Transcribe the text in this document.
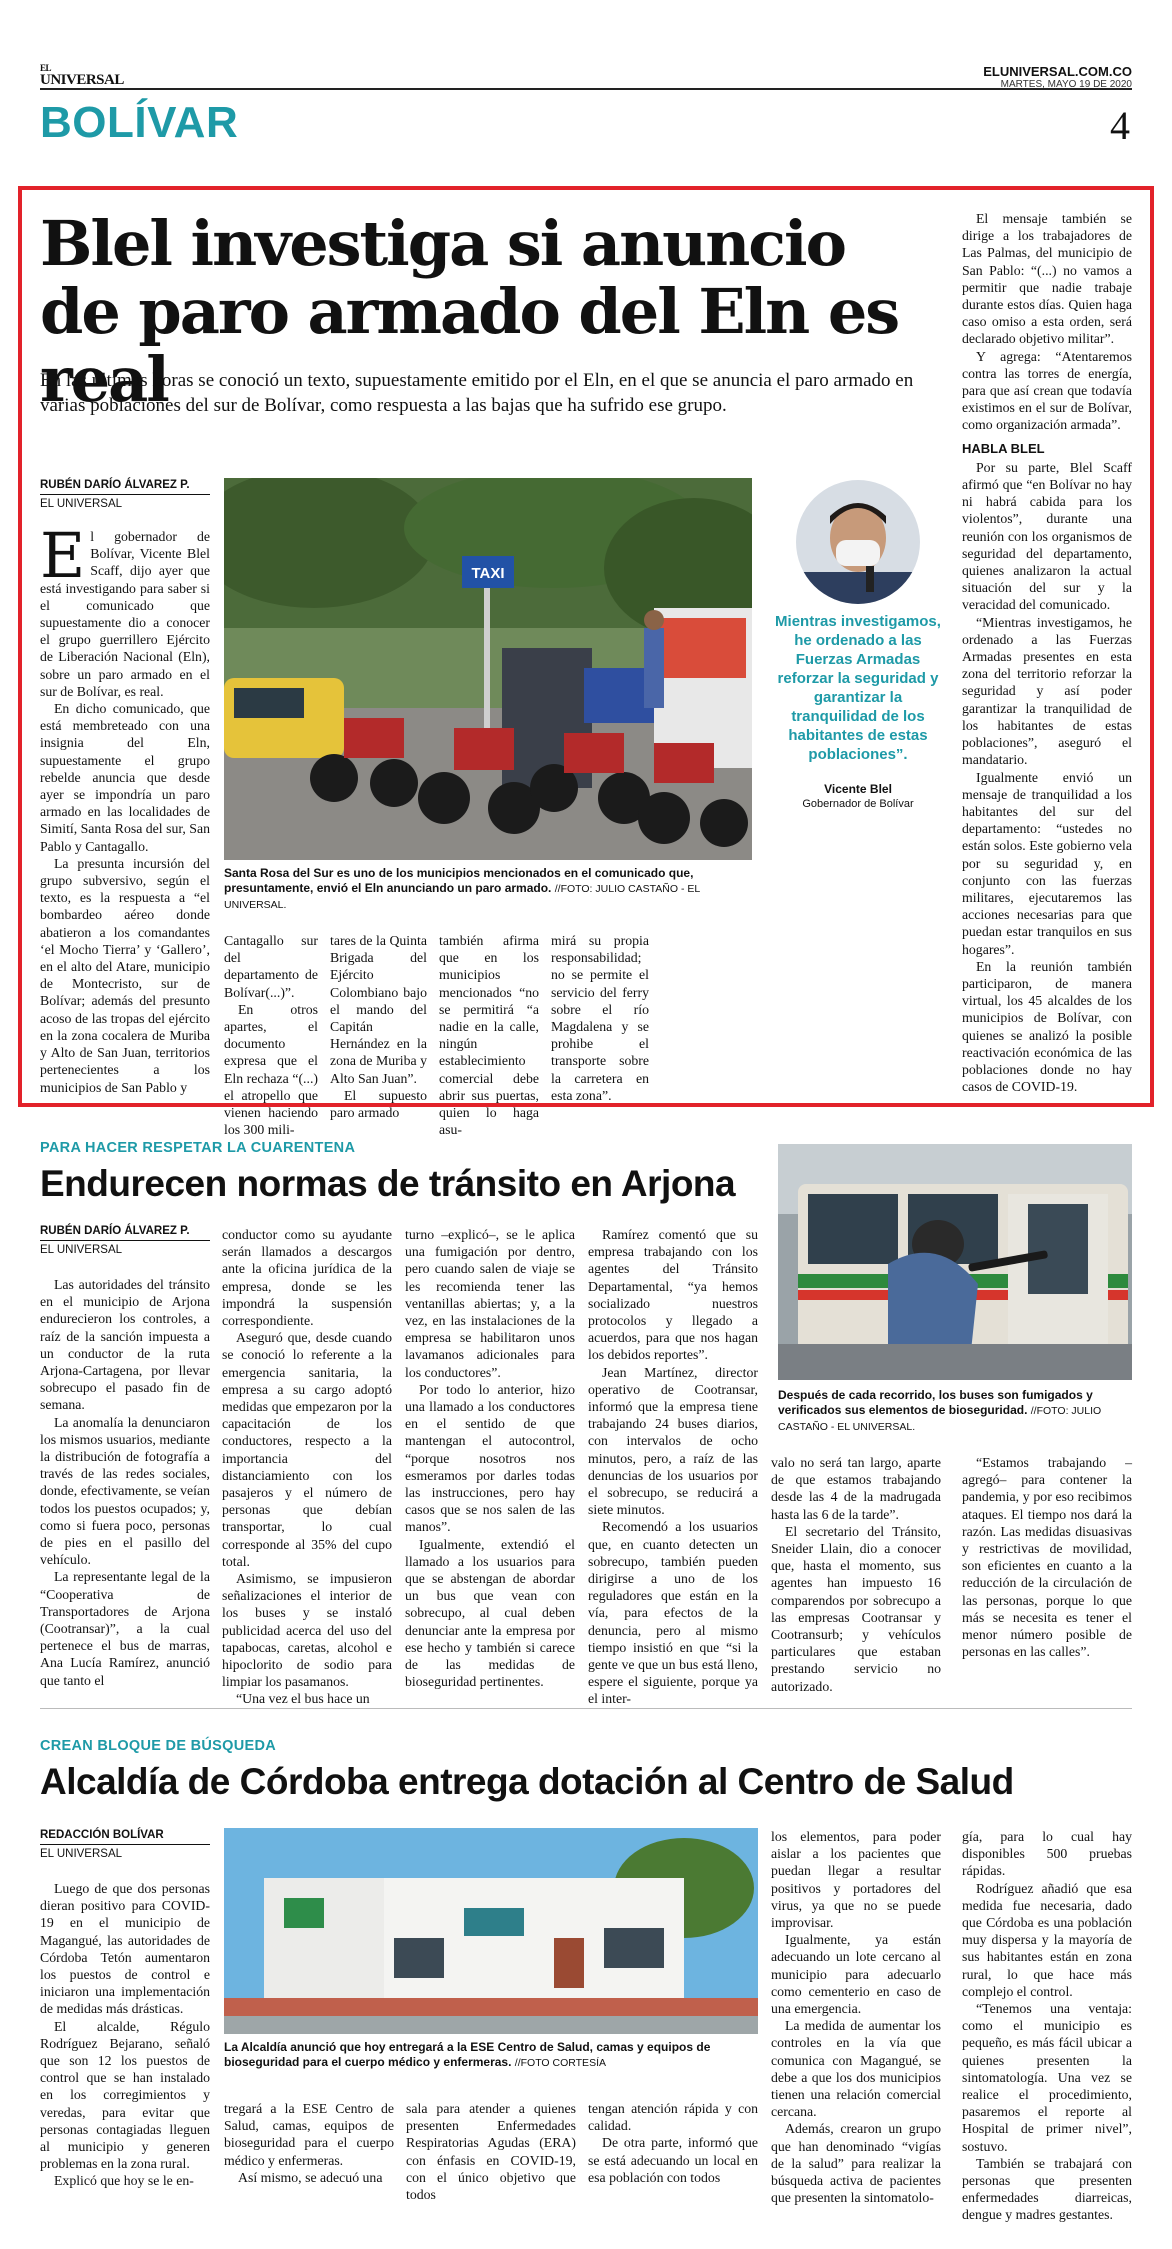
EL
UNIVERSAL
ELUNIVERSAL.COM.CO
MARTES, MAYO 19 DE 2020
BOLÍVAR	4
Blel investiga si anuncio de paro armado del Eln es real
En las últimas horas se conoció un texto, supuestamente emitido por el Eln, en el que se anuncia el paro armado en varias poblaciones del sur de Bolívar, como respuesta a las bajas que ha sufrido ese grupo.
RUBÉN DARÍO ÁLVAREZ P.
EL UNIVERSAL

El gobernador de Bolívar, Vicente Blel Scaff, dijo ayer que está investigando para saber si el comunicado que supuestamente dio a conocer el grupo guerrillero Ejército de Liberación Nacional (Eln), sobre un paro armado en el sur de Bolívar, es real.

En dicho comunicado, que está membreteado con una insignia del Eln, supuestamente el grupo rebelde anuncia que desde ayer se impondría un paro armado en las localidades de Simití, Santa Rosa del sur, San Pablo y Cantagallo.

La presunta incursión del grupo subversivo, según el texto, es la respuesta a “el bombardeo aéreo donde abatieron a los comandantes ‘el Mocho Tierra’ y ‘Gallero’, en el alto del Atare, municipio de Montecristo, sur de Bolívar; además del presunto acoso de las tropas del ejército en la zona cocalera de Muriba y Alto de San Juan, territorios pertenecientes a los municipios de San Pablo y

TAXI
Santa Rosa del Sur es uno de los municipios mencionados en el comunicado que, presuntamente, envió el Eln anunciando un paro armado. //FOTO: JULIO CASTAÑO - EL UNIVERSAL.
Mientras investigamos, he ordenado a las Fuerzas Armadas reforzar la seguridad y garantizar la tranquilidad de los habitantes de estas poblaciones”.
Vicente Blel
Gobernador de Bolívar

Cantagallo sur del departamento de Bolívar(...)”.

En otros apartes, el documento expresa que el Eln rechaza “(...) el atropello que vienen haciendo los 300 mili-

tares de la Quinta Brigada del Ejército Colombiano bajo el mando del Capitán Hernández en la zona de Muriba y Alto San Juan”.

El supuesto paro armado

también afirma que en los municipios mencionados “no se permitirá “a nadie en la calle, ningún establecimiento comercial debe abrir sus puertas, quien lo haga asu-

mirá su propia responsabilidad; no se permite el servicio del ferry sobre el río Magdalena y se prohibe el transporte sobre la carretera en esta zona”.

El mensaje también se dirige a los trabajadores de Las Palmas, del municipio de San Pablo: “(...) no vamos a permitir que nadie trabaje durante estos días. Quien haga caso omiso a esta orden, será declarado objetivo militar”.

Y agrega: “Atentaremos contra las torres de energía, para que así crean que todavía existimos en el sur de Bolívar, como organización armada”.

HABLA BLEL

Por su parte, Blel Scaff afirmó que “en Bolívar no hay ni habrá cabida para los violentos”, durante una reunión con los organismos de seguridad del departamento, quienes analizaron la actual situación del sur y la veracidad del comunicado.

“Mientras investigamos, he ordenado a las Fuerzas Armadas presentes en esta zona del territorio reforzar la seguridad y así poder garantizar la tranquilidad de los habitantes de estas poblaciones”, aseguró el mandatario.

Igualmente envió un mensaje de tranquilidad a los habitantes del sur del departamento: “ustedes no están solos. Este gobierno vela por su seguridad y, en conjunto con las fuerzas militares, ejecutaremos las acciones necesarias para que puedan estar tranquilos en sus hogares”.

En la reunión también participaron, de manera virtual, los 45 alcaldes de los municipios de Bolívar, con quienes se analizó la posible reactivación económica de las poblaciones donde no hay casos de COVID-19.

PARA HACER RESPETAR LA CUARENTENA
Endurecen normas de tránsito en Arjona
RUBÉN DARÍO ÁLVAREZ P.
EL UNIVERSAL

Las autoridades del tránsito en el municipio de Arjona endurecieron los controles, a raíz de la sanción impuesta a un conductor de la ruta Arjona-Cartagena, por llevar sobrecupo el pasado fin de semana.

La anomalía la denunciaron los mismos usuarios, mediante la distribución de fotografía a través de las redes sociales, donde, efectivamente, se veían todos los puestos ocupados; y, como si fuera poco, personas de pies en el pasillo del vehículo.

La representante legal de la “Cooperativa de Transportadores de Arjona (Cootransar)”, a la cual pertenece el bus de marras, Ana Lucía Ramírez, anunció que tanto el

conductor como su ayudante serán llamados a descargos ante la oficina jurídica de la empresa, donde se les impondrá la suspensión correspondiente.

Aseguró que, desde cuando se conoció lo referente a la emergencia sanitaria, la empresa a su cargo adoptó medidas que empezaron por la capacitación de los conductores, respecto a la importancia del distanciamiento con los pasajeros y el número de personas que debían transportar, lo cual corresponde al 35% del cupo total.

Asimismo, se impusieron señalizaciones el interior de los buses y se instaló publicidad acerca del uso del tapabocas, caretas, alcohol e hipoclorito de sodio para limpiar los pasamanos.

“Una vez el bus hace un

turno –explicó–, se le aplica una fumigación por dentro, pero cuando salen de viaje se les recomienda tener las ventanillas abiertas; y, a la vez, en las instalaciones de la empresa se habilitaron unos lavamanos adicionales para los conductores”.

Por todo lo anterior, hizo una llamado a los conductores en el sentido de que mantengan el autocontrol, “porque nosotros nos esmeramos por darles todas las instrucciones, pero hay casos que se nos salen de las manos”.

Igualmente, extendió el llamado a los usuarios para que se abstengan de abordar un bus que vean con sobrecupo, al cual deben denunciar ante la empresa por ese hecho y también si carece de las medidas de bioseguridad pertinentes.

Ramírez comentó que su empresa trabajando con los agentes del Tránsito Departamental, “ya hemos socializado nuestros protocolos y llegado a acuerdos, para que nos hagan los debidos reportes”.

Jean Martínez, director operativo de Cootransar, informó que la empresa tiene trabajando 24 buses diarios, con intervalos de ocho minutos, pero, a raíz de las denuncias de los usuarios por el sobrecupo, se reducirá a siete minutos.

Recomendó a los usuarios que, en cuanto detecten un sobrecupo, también pueden dirigirse a uno de los reguladores que están en la vía, para efectos de la denuncia, pero al mismo tiempo insistió en que “si la gente ve que un bus está lleno, espere el siguiente, porque ya el inter-

Después de cada recorrido, los buses son fumigados y verificados sus elementos de bioseguridad. //FOTO: JULIO CASTAÑO - EL UNIVERSAL.

valo no será tan largo, aparte de que estamos trabajando desde las 4 de la madrugada hasta las 6 de la tarde”.

El secretario del Tránsito, Sneider Llain, dio a conocer que, hasta el momento, sus agentes han impuesto 16 comparendos por sobrecupo a las empresas Cootransar y Cootransurb; y vehículos particulares que estaban prestando servicio no autorizado.

“Estamos trabajando –agregó– para contener la pandemia, y por eso recibimos ataques. El tiempo nos dará la razón. Las medidas disuasivas y restrictivas de movilidad, son eficientes en cuanto a la reducción de la circulación de las personas, porque lo que más se necesita es tener el menor número posible de personas en las calles”.

CREAN BLOQUE DE BÚSQUEDA
Alcaldía de Córdoba entrega dotación al Centro de Salud
REDACCIÓN BOLÍVAR
EL UNIVERSAL

Luego de que dos personas dieran positivo para COVID-19 en el municipio de Magangué, las autoridades de Córdoba Tetón aumentaron los puestos de control e iniciaron una implementación de medidas más drásticas.

El alcalde, Régulo Rodríguez Bejarano, señaló que son 12 los puestos de control que se han instalado en los corregimientos y veredas, para evitar que personas contagiadas lleguen al municipio y generen problemas en la zona rural.

Explicó que hoy se le en-

La Alcaldía anunció que hoy entregará a la ESE Centro de Salud, camas y equipos de bioseguridad para el cuerpo médico y enfermeras. //FOTO CORTESÍA

tregará a la ESE Centro de Salud, camas, equipos de bioseguridad para el cuerpo médico y enfermeras.

Así mismo, se adecuó una

sala para atender a quienes presenten Enfermedades Respiratorias Agudas (ERA) con énfasis en COVID-19, con el único objetivo que todos

tengan atención rápida y con calidad.

De otra parte, informó que se está adecuando un local en esa población con todos

los elementos, para poder aislar a los pacientes que puedan llegar a resultar positivos y portadores del virus, ya que no se puede improvisar.

Igualmente, ya están adecuando un lote cercano al municipio para adecuarlo como cementerio en caso de una emergencia.

La medida de aumentar los controles en la vía que comunica con Magangué, se debe a que los dos municipios tienen una relación comercial cercana.

Además, crearon un grupo que han denominado “vigías de la salud” para realizar la búsqueda activa de pacientes que presenten la sintomatolo-

gía, para lo cual hay disponibles 500 pruebas rápidas.

Rodríguez añadió que esa medida fue necesaria, dado que Córdoba es una población muy dispersa y la mayoría de sus habitantes están en zona rural, lo que hace más complejo el control.

“Tenemos una ventaja: como el municipio es pequeño, es más fácil ubicar a quienes presenten la sintomatología. Una vez se realice el procedimiento, pasaremos el reporte al Hospital de primer nivel”, sostuvo.

También se trabajará con personas que presenten enfermedades diarreicas, dengue y madres gestantes.
